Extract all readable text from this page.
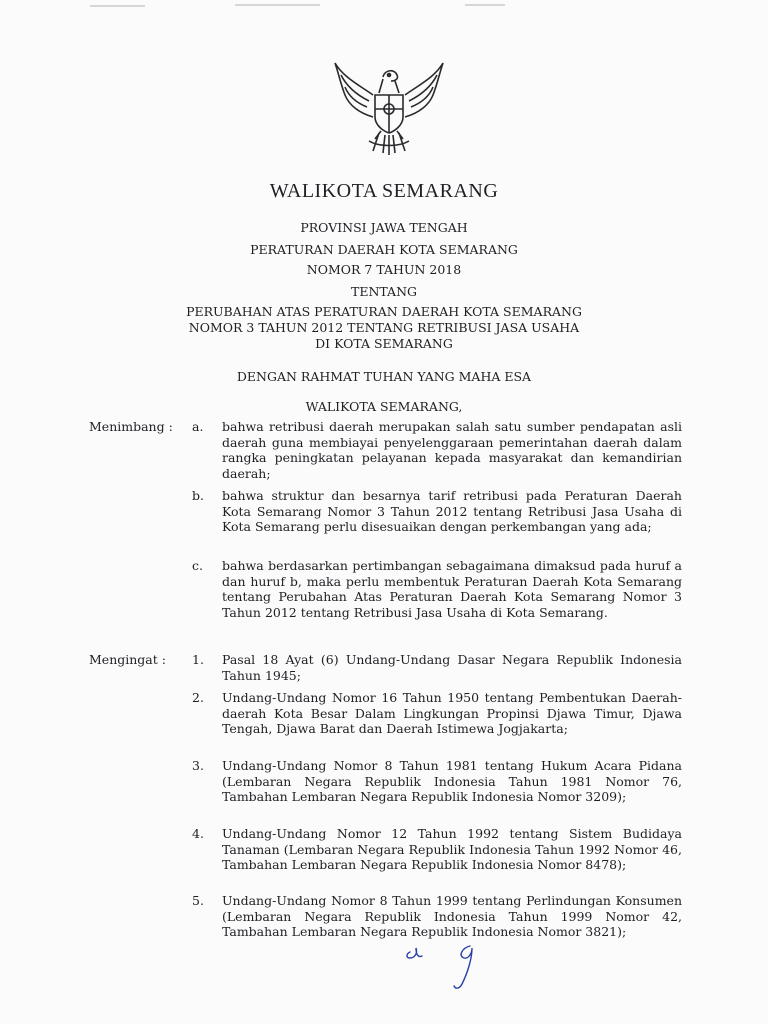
WALIKOTA SEMARANG
PROVINSI JAWA TENGAH
PERATURAN DAERAH KOTA SEMARANG
NOMOR 7 TAHUN 2018
TENTANG
PERUBAHAN ATAS PERATURAN DAERAH KOTA SEMARANG
NOMOR 3 TAHUN 2012 TENTANG RETRIBUSI JASA USAHA
DI KOTA SEMARANG
DENGAN RAHMAT TUHAN YANG MAHA ESA
WALIKOTA SEMARANG,
Menimbang : a.	bahwa retribusi daerah merupakan salah satu sumber pendapatan asli daerah guna membiayai penyelenggaraan pemerintahan daerah dalam rangka peningkatan pelayanan kepada masyarakat dan kemandirian daerah;
b.	bahwa struktur dan besarnya tarif retribusi pada Peraturan Daerah Kota Semarang Nomor 3 Tahun 2012 tentang Retribusi Jasa Usaha di Kota Semarang perlu disesuaikan dengan perkembangan yang ada;
c.	bahwa berdasarkan pertimbangan sebagaimana dimaksud pada huruf a dan huruf b, maka perlu membentuk Peraturan Daerah Kota Semarang tentang Perubahan Atas Peraturan Daerah Kota Semarang Nomor 3 Tahun 2012 tentang Retribusi Jasa Usaha di Kota Semarang.
Mengingat : 1.	Pasal 18 Ayat (6) Undang-Undang Dasar Negara Republik Indonesia Tahun 1945;
2.	Undang-Undang Nomor 16 Tahun 1950 tentang Pembentukan Daerah-daerah Kota Besar Dalam Lingkungan Propinsi Djawa Timur, Djawa Tengah, Djawa Barat dan Daerah Istimewa Jogjakarta;
3.	Undang-Undang Nomor 8 Tahun 1981 tentang Hukum Acara Pidana (Lembaran Negara Republik Indonesia Tahun 1981 Nomor 76, Tambahan Lembaran Negara Republik Indonesia Nomor 3209);
4.	Undang-Undang Nomor 12 Tahun 1992 tentang Sistem Budidaya Tanaman (Lembaran Negara Republik Indonesia Tahun 1992 Nomor 46, Tambahan Lembaran Negara Republik Indonesia Nomor 8478);
5.	Undang-Undang Nomor 8 Tahun 1999 tentang Perlindungan Konsumen (Lembaran Negara Republik Indonesia Tahun 1999 Nomor 42, Tambahan Lembaran Negara Republik Indonesia Nomor 3821);
